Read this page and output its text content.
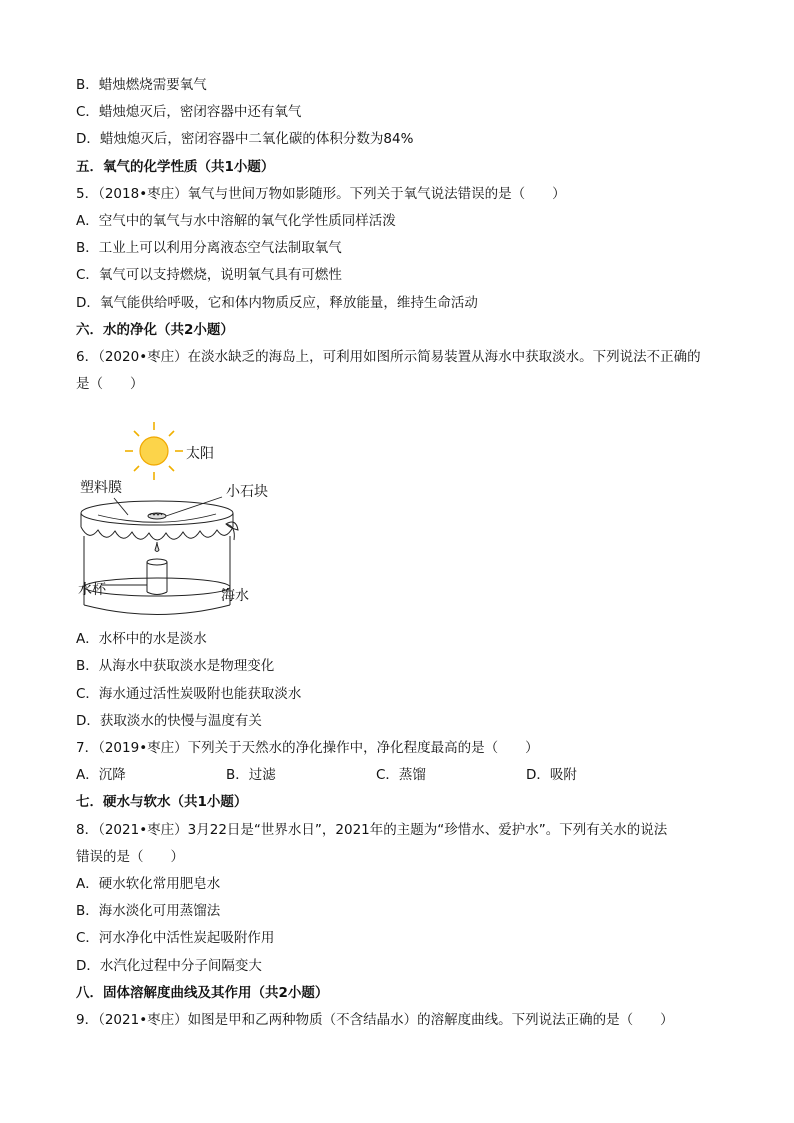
B．蜡烛燃烧需要氧气
C．蜡烛熄灭后，密闭容器中还有氧气
D．蜡烛熄灭后，密闭容器中二氧化碳的体积分数为84%
五．氧气的化学性质（共1小题）
5．（2018•枣庄）氧气与世间万物如影随形。下列关于氧气说法错误的是（　　）
A．空气中的氧气与水中溶解的氧气化学性质同样活泼
B．工业上可以利用分离液态空气法制取氧气
C．氧气可以支持燃烧，说明氧气具有可燃性
D．氧气能供给呼吸，它和体内物质反应，释放能量，维持生命活动
六．水的净化（共2小题）
6．（2020•枣庄）在淡水缺乏的海岛上，可利用如图所示简易装置从海水中获取淡水。下列说法不正确的
是（　　）
太阳
塑料膜	小石块
水杯	海水
A．水杯中的水是淡水
B．从海水中获取淡水是物理变化
C．海水通过活性炭吸附也能获取淡水
D．获取淡水的快慢与温度有关
7．（2019•枣庄）下列关于天然水的净化操作中，净化程度最高的是（　　）
A．沉降	B．过滤	C．蒸馏	D．吸附
七．硬水与软水（共1小题）
8．（2021•枣庄）3月22日是“世界水日”，2021年的主题为“珍惜水、爱护水”。下列有关水的说法
错误的是（　　）
A．硬水软化常用肥皂水
B．海水淡化可用蒸馏法
C．河水净化中活性炭起吸附作用
D．水汽化过程中分子间隔变大
八．固体溶解度曲线及其作用（共2小题）
9．（2021•枣庄）如图是甲和乙两种物质（不含结晶水）的溶解度曲线。下列说法正确的是（　　）
